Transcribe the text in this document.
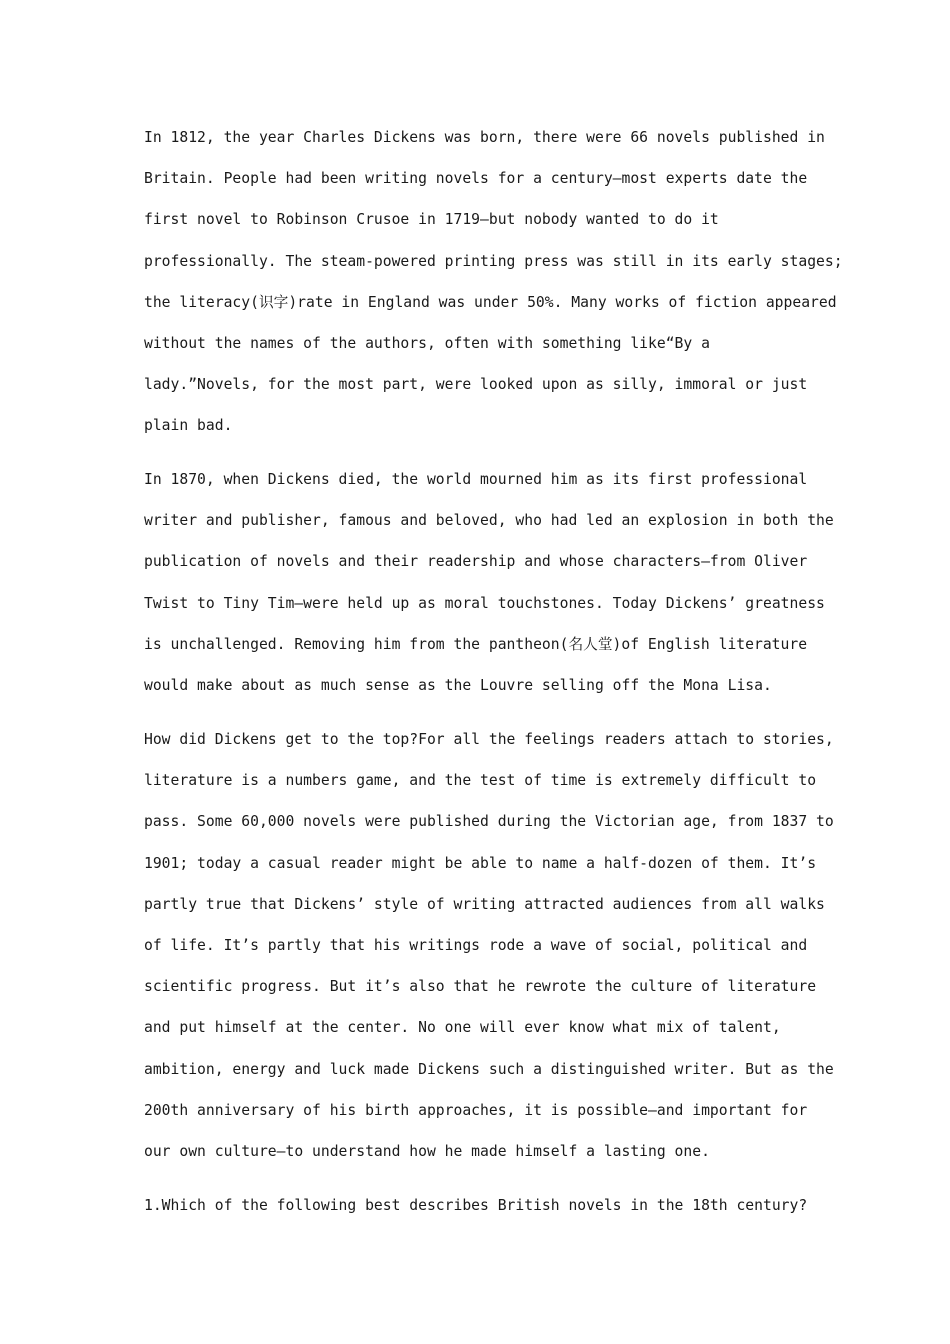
In 1812, the year Charles Dickens was born, there were 66 novels published in
Britain. People had been writing novels for a century—most experts date the
first novel to Robinson Crusoe in 1719—but nobody wanted to do it
professionally. The steam-powered printing press was still in its early stages;
the literacy(识字)rate in England was under 50%. Many works of fiction appeared
without the names of the authors, often with something like“By a
lady.”Novels, for the most part, were looked upon as silly, immoral or just
plain bad.
In 1870, when Dickens died, the world mourned him as its first professional
writer and publisher, famous and beloved, who had led an explosion in both the
publication of novels and their readership and whose characters—from Oliver
Twist to Tiny Tim—were held up as moral touchstones. Today Dickens’ greatness
is unchallenged. Removing him from the pantheon(名人堂)of English literature
would make about as much sense as the Louvre selling off the Mona Lisa.
How did Dickens get to the top?For all the feelings readers attach to stories,
literature is a numbers game, and the test of time is extremely difficult to
pass. Some 60,000 novels were published during the Victorian age, from 1837 to
1901; today a casual reader might be able to name a half-dozen of them. It’s
partly true that Dickens’ style of writing attracted audiences from all walks
of life. It’s partly that his writings rode a wave of social, political and
scientific progress. But it’s also that he rewrote the culture of literature
and put himself at the center. No one will ever know what mix of talent,
ambition, energy and luck made Dickens such a distinguished writer. But as the
200th anniversary of his birth approaches, it is possible—and important for
our own culture—to understand how he made himself a lasting one.
1.Which of the following best describes British novels in the 18th century?
